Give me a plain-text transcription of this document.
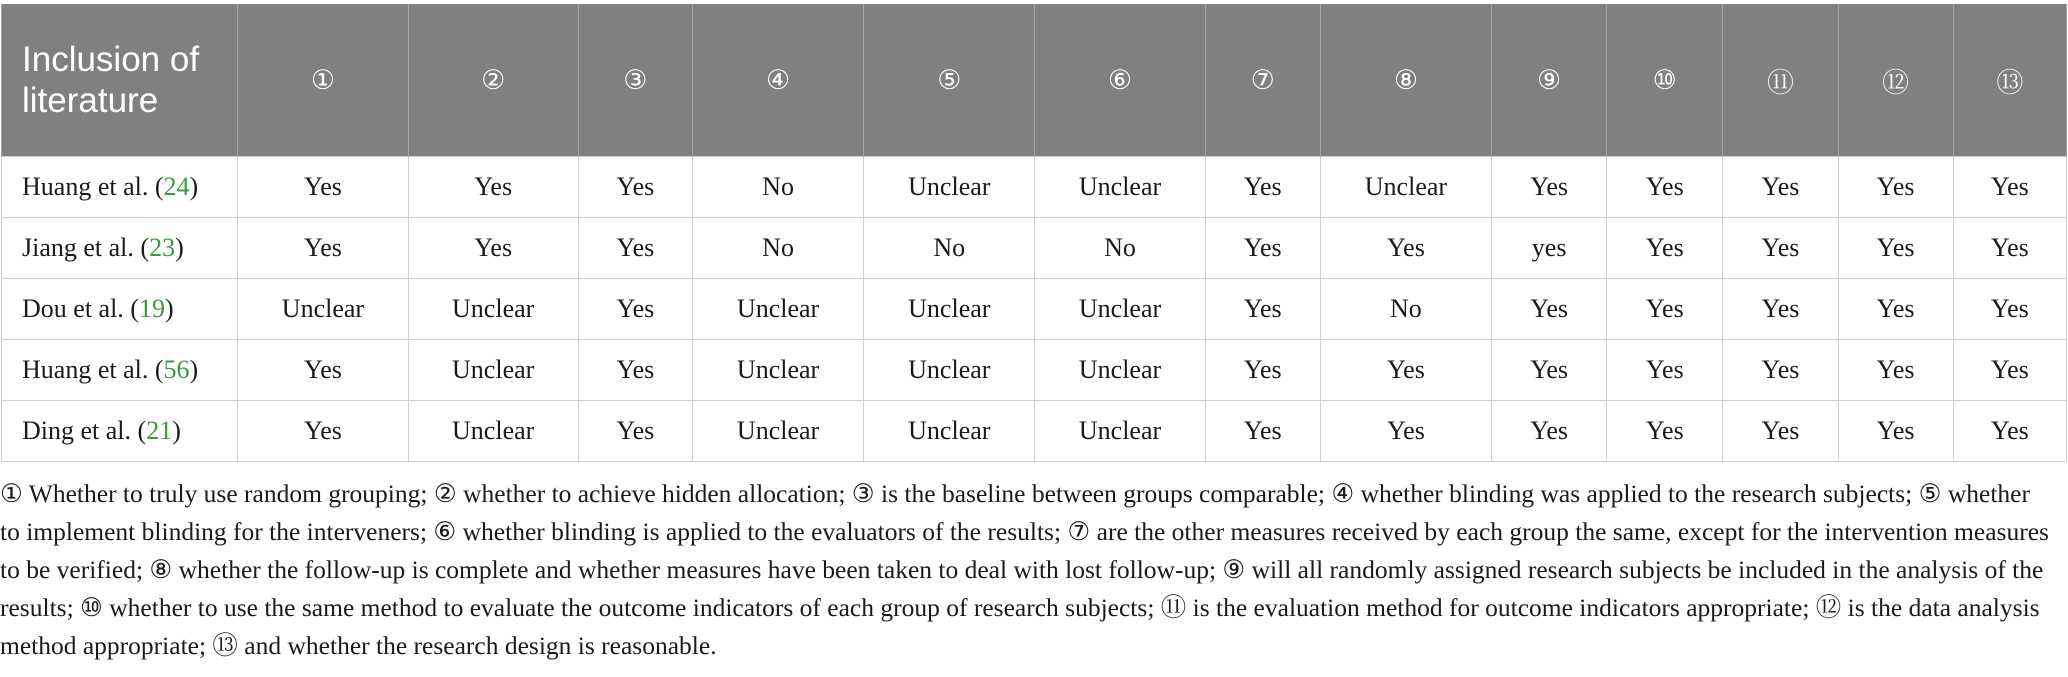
Inclusion of literature	①	②	③	④	⑤	⑥	⑦	⑧	⑨	⑩	⑪	⑫	⑬
Huang et al. (24)	Yes	Yes	Yes	No	Unclear	Unclear	Yes	Unclear	Yes	Yes	Yes	Yes	Yes
Jiang et al. (23)	Yes	Yes	Yes	No	No	No	Yes	Yes	yes	Yes	Yes	Yes	Yes
Dou et al. (19)	Unclear	Unclear	Yes	Unclear	Unclear	Unclear	Yes	No	Yes	Yes	Yes	Yes	Yes
Huang et al. (56)	Yes	Unclear	Yes	Unclear	Unclear	Unclear	Yes	Yes	Yes	Yes	Yes	Yes	Yes
Ding et al. (21)	Yes	Unclear	Yes	Unclear	Unclear	Unclear	Yes	Yes	Yes	Yes	Yes	Yes	Yes
① Whether to truly use random grouping; ② whether to achieve hidden allocation; ③ is the baseline between groups comparable; ④ whether blinding was applied to the research subjects; ⑤ whether to implement blinding for the interveners; ⑥ whether blinding is applied to the evaluators of the results; ⑦ are the other measures received by each group the same, except for the intervention measures to be verified; ⑧ whether the follow-up is complete and whether measures have been taken to deal with lost follow-up; ⑨ will all randomly assigned research subjects be included in the analysis of the results; ⑩ whether to use the same method to evaluate the outcome indicators of each group of research subjects; ⑪ is the evaluation method for outcome indicators appropriate; ⑫ is the data analysis method appropriate; ⑬ and whether the research design is reasonable.
